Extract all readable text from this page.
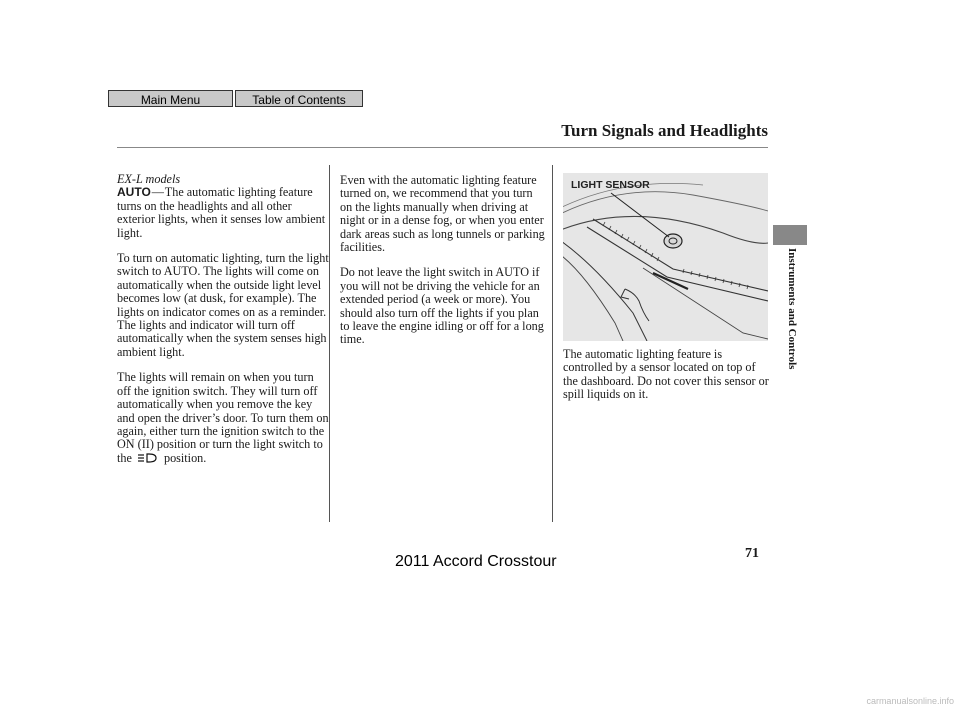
Main Menu	Table of Contents
Turn Signals and Headlights
Instruments and Controls

EX-L models
AUTO—The automatic lighting feature turns on the headlights and all other exterior lights, when it senses low ambient light.

To turn on automatic lighting, turn the light switch to AUTO. The lights will come on automatically when the outside light level becomes low (at dusk, for example). The lights on indicator comes on as a reminder. The lights and indicator will turn off automatically when the system senses high ambient light.

The lights will remain on when you turn off the ignition switch. They will turn off automatically when you remove the key and open the driver’s door. To turn them on again, either turn the ignition switch to the ON (II) position or turn the light switch to the	position.

Even with the automatic lighting feature turned on, we recommend that you turn on the lights manually when driving at night or in a dense fog, or when you enter dark areas such as long tunnels or parking facilities.

Do not leave the light switch in AUTO if you will not be driving the vehicle for an extended period (a week or more). You should also turn off the lights if you plan to leave the engine idling or off for a long time.

LIGHT SENSOR

The automatic lighting feature is controlled by a sensor located on top of the dashboard. Do not cover this sensor or spill liquids on it.

71
2011 Accord Crosstour
carmanualsonline.info
